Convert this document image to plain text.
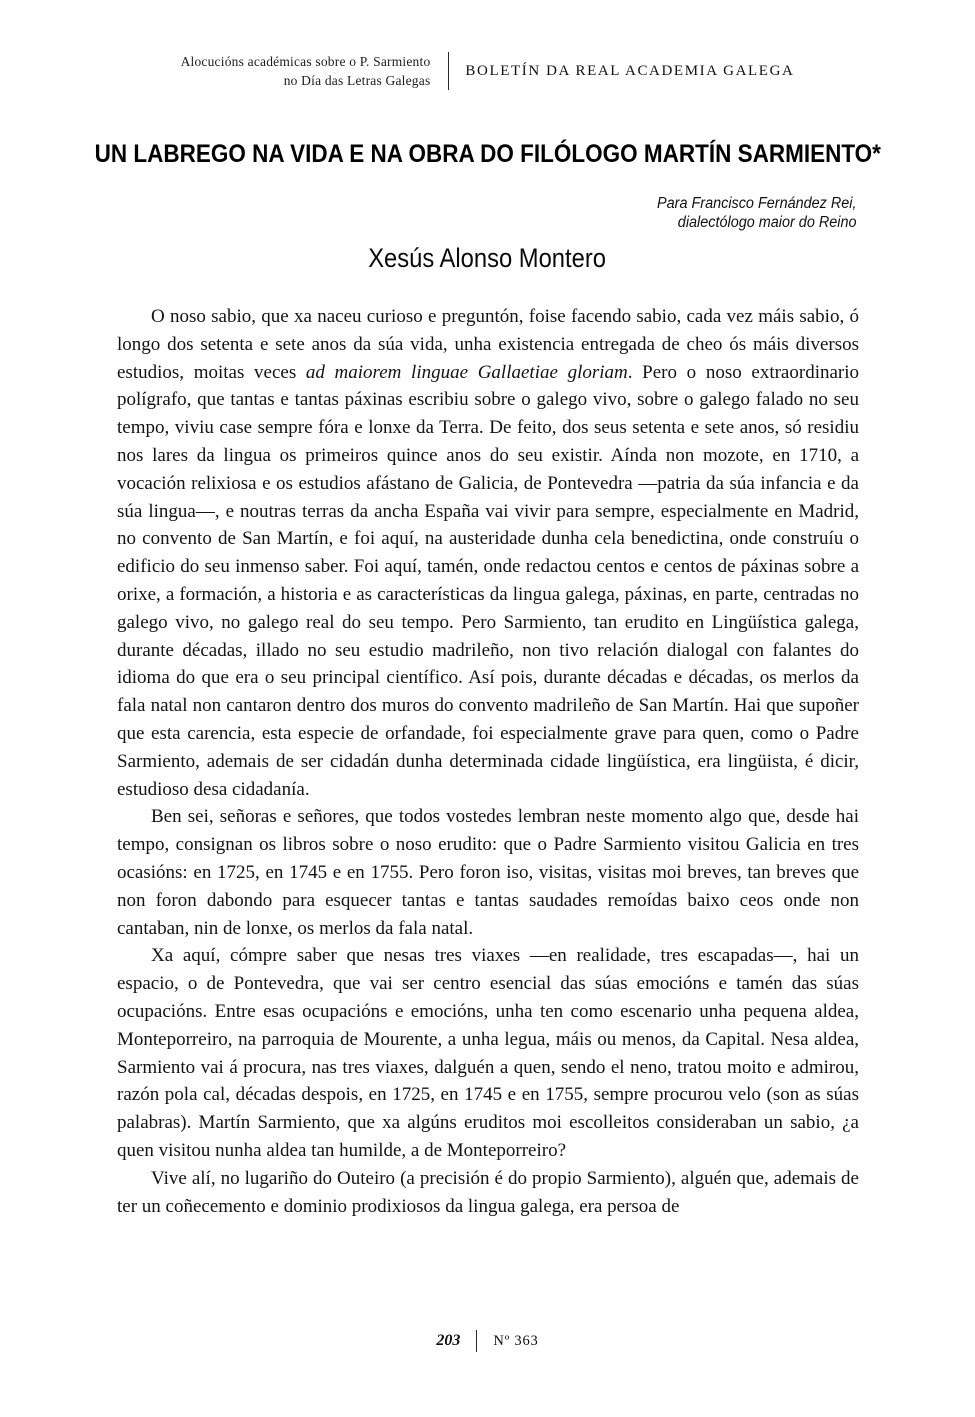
Alocucións académicas sobre o P. Sarmiento
no Día das Letras Galegas
BOLETÍN DA REAL ACADEMIA GALEGA
UN LABREGO NA VIDA E NA OBRA DO FILÓLOGO MARTÍN SARMIENTO*
Para Francisco Fernández Rei,
dialectólogo maior do Reino
Xesús Alonso Montero

O noso sabio, que xa naceu curioso e preguntón, foise facendo sabio, cada vez máis sabio, ó longo dos setenta e sete anos da súa vida, unha existencia entregada de cheo ós máis diversos estudios, moitas veces ad maiorem linguae Gallaetiae gloriam. Pero o noso extraordinario polígrafo, que tantas e tantas páxinas escribiu sobre o galego vivo, sobre o galego falado no seu tempo, viviu case sempre fóra e lonxe da Terra. De feito, dos seus setenta e sete anos, só residiu nos lares da lingua os primeiros quince anos do seu existir. Aínda non mozote, en 1710, a vocación relixiosa e os estudios afástano de Galicia, de Pontevedra —patria da súa infancia e da súa lingua—, e noutras terras da ancha España vai vivir para sempre, especialmente en Madrid, no convento de San Martín, e foi aquí, na austeridade dunha cela benedictina, onde construíu o edificio do seu inmenso saber. Foi aquí, tamén, onde redactou centos e centos de páxinas sobre a orixe, a formación, a historia e as características da lingua galega, páxinas, en parte, centradas no galego vivo, no galego real do seu tempo. Pero Sarmiento, tan erudito en Lingüística galega, durante décadas, illado no seu estudio madrileño, non tivo relación dialogal con falantes do idioma do que era o seu principal científico. Así pois, durante décadas e décadas, os merlos da fala natal non cantaron dentro dos muros do convento madrileño de San Martín. Hai que supoñer que esta carencia, esta especie de orfandade, foi especialmente grave para quen, como o Padre Sarmiento, ademais de ser cidadán dunha determinada cidade lingüística, era lingüista, é dicir, estudioso desa cidadanía.

Ben sei, señoras e señores, que todos vostedes lembran neste momento algo que, desde hai tempo, consignan os libros sobre o noso erudito: que o Padre Sarmiento visitou Galicia en tres ocasións: en 1725, en 1745 e en 1755. Pero foron iso, visitas, visitas moi breves, tan breves que non foron dabondo para esquecer tantas e tantas saudades remoídas baixo ceos onde non cantaban, nin de lonxe, os merlos da fala natal.

Xa aquí, cómpre saber que nesas tres viaxes —en realidade, tres escapadas—, hai un espacio, o de Pontevedra, que vai ser centro esencial das súas emocións e tamén das súas ocupacións. Entre esas ocupacións e emocións, unha ten como escenario unha pequena aldea, Monteporreiro, na parroquia de Mourente, a unha legua, máis ou menos, da Capital. Nesa aldea, Sarmiento vai á procura, nas tres viaxes, dalguén a quen, sendo el neno, tratou moito e admirou, razón pola cal, décadas despois, en 1725, en 1745 e en 1755, sempre procurou velo (son as súas palabras). Martín Sarmiento, que xa algúns eruditos moi escolleitos consideraban un sabio, ¿a quen visitou nunha aldea tan humilde, a de Monteporreiro?

Vive alí, no lugariño do Outeiro (a precisión é do propio Sarmiento), alguén que, ademais de ter un coñecemento e dominio prodixiosos da lingua galega, era persoa de

203	Nº 363
